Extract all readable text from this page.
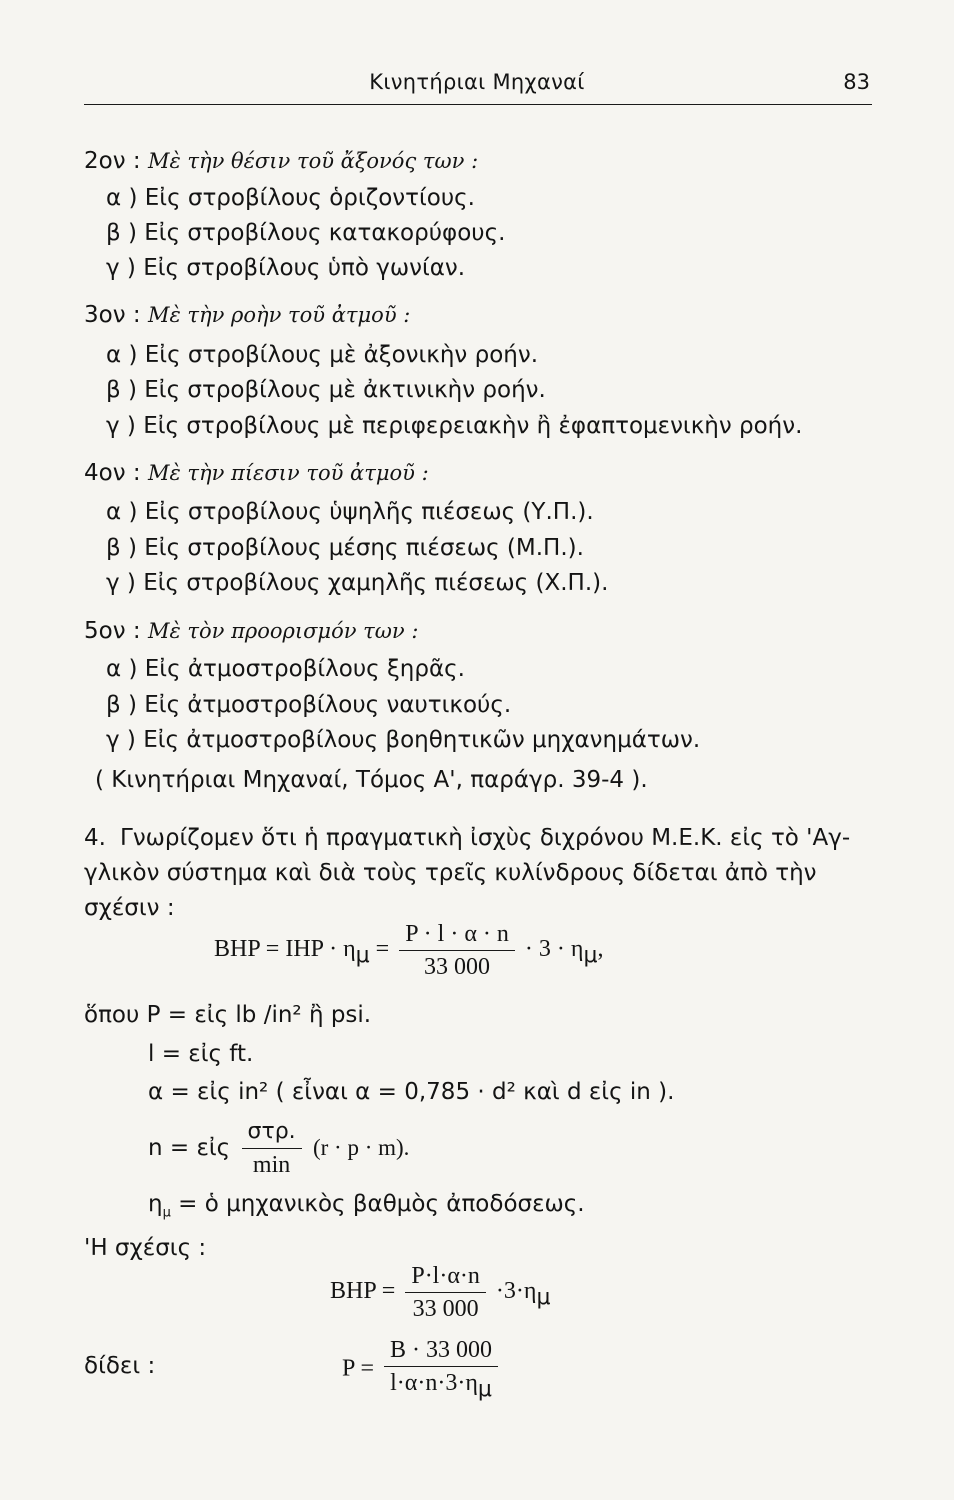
Κινητήριαι Μηχαναί	83
2ον : Μὲ τὴν θέσιν τοῦ ἄξονός των :
α ) Εἰς στροβίλους ὁριζοντίους.
β ) Εἰς στροβίλους κατακορύφους.
γ ) Εἰς στροβίλους ὑπὸ γωνίαν.
3ον : Μὲ τὴν ροὴν τοῦ ἀτμοῦ :
α ) Εἰς στροβίλους μὲ ἀξονικὴν ροήν.
β ) Εἰς στροβίλους μὲ ἀκτινικὴν ροήν.
γ ) Εἰς στροβίλους μὲ περιφερειακὴν ἢ ἐφαπτομενικὴν ροήν.
4ον : Μὲ τὴν πίεσιν τοῦ ἀτμοῦ :
α ) Εἰς στροβίλους ὑψηλῆς πιέσεως (Υ.Π.).
β ) Εἰς στροβίλους μέσης πιέσεως (Μ.Π.).
γ ) Εἰς στροβίλους χαμηλῆς πιέσεως (Χ.Π.).
5ον : Μὲ τὸν προορισμόν των :
α ) Εἰς ἀτμοστροβίλους ξηρᾶς.
β ) Εἰς ἀτμοστροβίλους ναυτικούς.
γ ) Εἰς ἀτμοστροβίλους βοηθητικῶν μηχανημάτων.
( Κινητήριαι Μηχαναί, Τόμος Α', παράγρ. 39-4 ).
4. Γνωρίζομεν ὅτι ἡ πραγματικὴ ἰσχὺς διχρόνου Μ.Ε.Κ. εἰς τὸ 'Αγ-
γλικὸν σύστημα καὶ διὰ τοὺς τρεῖς κυλίνδρους δίδεται ἀπὸ τὴν
σχέσιν :
BHP = IHP · $\eta_\mu = \frac{P \cdot l \cdot \alpha \cdot n}{33 000} \cdot 3 \cdot \eta_\mu$,
ὅπου P = εἰς lb /in² ἢ psi.
l = εἰς ft.
α = εἰς in² ( εἶναι α = 0,785 · d² καὶ d εἰς in ).
n = εἰς $\frac{\text{στρ.}}{\min} (r \cdot p \cdot m)$.
$\eta_\mu$ = ὁ μηχανικὸς βαθμὸς ἀποδόσεως.
'Η σχέσις :
BHP = $\frac{P\cdot l\cdot\alpha\cdot n}{33 000} \cdot 3\cdot\eta_\mu$
δίδει :	$P = \frac{B \cdot 33 000}{l\cdot\alpha\cdot n\cdot 3\cdot\eta_\mu}$
